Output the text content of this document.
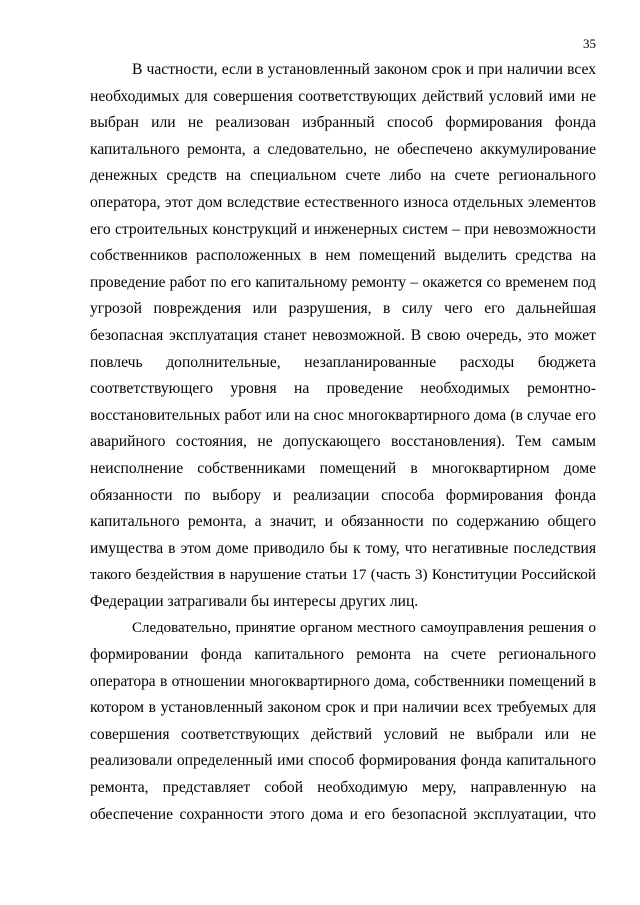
35
В частности, если в установленный законом срок и при наличии всех
необходимых для совершения соответствующих действий условий ими не
выбран или не реализован избранный способ формирования фонда
капитального ремонта, а следовательно, не обеспечено аккумулирование
денежных средств на специальном счете либо на счете регионального
оператора, этот дом вследствие естественного износа отдельных элементов
его строительных конструкций и инженерных систем – при невозможности
собственников расположенных в нем помещений выделить средства на
проведение работ по его капитальному ремонту – окажется со временем под
угрозой повреждения или разрушения, в силу чего его дальнейшая
безопасная эксплуатация станет невозможной. В свою очередь, это может
повлечь дополнительные, незапланированные расходы бюджета
соответствующего уровня на проведение необходимых ремонтно-
восстановительных работ или на снос многоквартирного дома (в случае его
аварийного состояния, не допускающего восстановления). Тем самым
неисполнение собственниками помещений в многоквартирном доме
обязанности по выбору и реализации способа формирования фонда
капитального ремонта, а значит, и обязанности по содержанию общего
имущества в этом доме приводило бы к тому, что негативные последствия
такого бездействия в нарушение статьи 17 (часть 3) Конституции Российской
Федерации затрагивали бы интересы других лиц.
Следовательно, принятие органом местного самоуправления решения о
формировании фонда капитального ремонта на счете регионального
оператора в отношении многоквартирного дома, собственники помещений в
котором в установленный законом срок и при наличии всех требуемых для
совершения соответствующих действий условий не выбрали или не
реализовали определенный ими способ формирования фонда капитального
ремонта, представляет собой необходимую меру, направленную на
обеспечение сохранности этого дома и его безопасной эксплуатации, что
